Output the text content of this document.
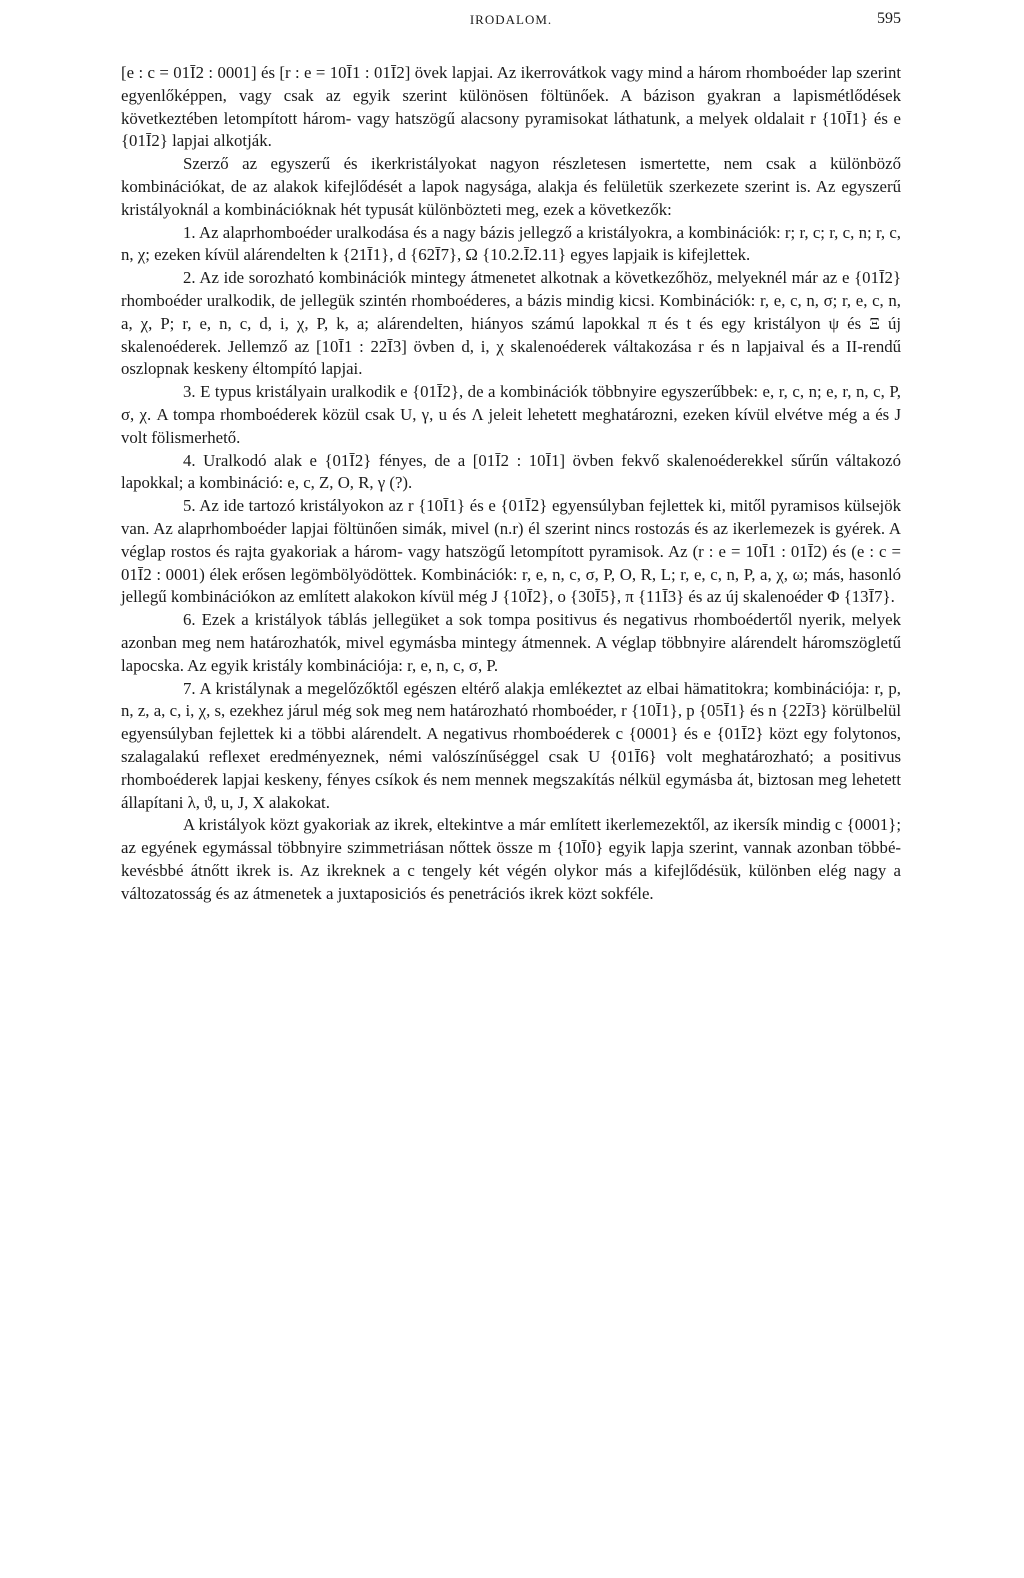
IRODALOM.	595

[e : c = 01Ī2 : 0001] és [r : e = 10Ī1 : 01Ī2] övek lapjai. Az ikerrovátkok vagy mind a három rhomboéder lap szerint egyenlőképpen, vagy csak az egyik szerint különösen föltünőek. A bázison gyakran a lapismétlődések következtében letompított három- vagy hatszögű alacsony pyramisokat láthatunk, a melyek oldalait r {10Ī1} és e {01Ī2} lapjai alkotják.

Szerző az egyszerű és ikerkristályokat nagyon részletesen ismertette, nem csak a különböző kombinációkat, de az alakok kifejlődését a lapok nagysága, alakja és felületük szerkezete szerint is. Az egyszerű kristályoknál a kombinációknak hét typusát különbözteti meg, ezek a következők:

1. Az alaprhomboéder uralkodása és a nagy bázis jellegző a kristályokra, a kombinációk: r; r, c; r, c, n; r, c, n, χ; ezeken kívül alárendelten k {21Ī1}, d {62Ī7}, Ω {10.2.Ī2.11} egyes lapjaik is kifejlettek.

2. Az ide sorozható kombinációk mintegy átmenetet alkotnak a következőhöz, melyeknél már az e {01Ī2} rhomboéder uralkodik, de jellegük szintén rhomboéderes, a bázis mindig kicsi. Kombinációk: r, e, c, n, σ; r, e, c, n, a, χ, P; r, e, n, c, d, i, χ, P, k, a; alárendelten, hiányos számú lapokkal π és t és egy kristályon ψ és Ξ új skalenoéderek. Jellemző az [10Ī1 : 22Ī3] övben d, i, χ skalenoéderek váltakozása r és n lapjaival és a II-rendű oszlopnak keskeny éltompító lapjai.

3. E typus kristályain uralkodik e {01Ī2}, de a kombinációk többnyire egyszerűbbek: e, r, c, n; e, r, n, c, P, σ, χ. A tompa rhomboéderek közül csak U, γ, u és Λ jeleit lehetett meghatározni, ezeken kívül elvétve még a és J volt fölismerhető.

4. Uralkodó alak e {01Ī2} fényes, de a [01Ī2 : 10Ī1] övben fekvő skalenoéderekkel sűrűn váltakozó lapokkal; a kombináció: e, c, Z, O, R, γ (?).

5. Az ide tartozó kristályokon az r {10Ī1} és e {01Ī2} egyensúlyban fejlettek ki, mitől pyramisos külsejök van. Az alaprhomboéder lapjai föltünően simák, mivel (n.r) él szerint nincs rostozás és az ikerlemezek is gyérek. A véglap rostos és rajta gyakoriak a három- vagy hatszögű letompított pyramisok. Az (r : e = 10Ī1 : 01Ī2) és (e : c = 01Ī2 : 0001) élek erősen legömbölyödöttek. Kombinációk: r, e, n, c, σ, P, O, R, L; r, e, c, n, P, a, χ, ω; más, hasonló jellegű kombinációkon az említett alakokon kívül még J {10Ī2}, o {30Ī5}, π {11Ī3} és az új skalenoéder Φ {13Ī7}.

6. Ezek a kristályok táblás jellegüket a sok tompa positivus és negativus rhomboédertől nyerik, melyek azonban meg nem határozhatók, mivel egymásba mintegy átmennek. A véglap többnyire alárendelt háromszögletű lapocska. Az egyik kristály kombinációja: r, e, n, c, σ, P.

7. A kristálynak a megelőzőktől egészen eltérő alakja emlékeztet az elbai hämatitokra; kombinációja: r, p, n, z, a, c, i, χ, s, ezekhez járul még sok meg nem határozható rhomboéder, r {10Ī1}, p {05Ī1} és n {22Ī3} körülbelül egyensúlyban fejlettek ki a többi alárendelt. A negativus rhomboéderek c {0001} és e {01Ī2} közt egy folytonos, szalagalakú reflexet eredményeznek, némi valószínűséggel csak U {01Ī6} volt meghatározható; a positivus rhomboéderek lapjai keskeny, fényes csíkok és nem mennek megszakítás nélkül egymásba át, biztosan meg lehetett állapítani λ, ϑ, u, J, X alakokat.

A kristályok közt gyakoriak az ikrek, eltekintve a már említett ikerlemezektől, az ikersík mindig c {0001}; az egyének egymással többnyire szimmetriásan nőttek össze m {10Ī0} egyik lapja szerint, vannak azonban többé-kevésbbé átnőtt ikrek is. Az ikreknek a c tengely két végén olykor más a kifejlődésük, különben elég nagy a változatosság és az átmenetek a juxtaposiciós és penetrációs ikrek közt sokféle.
